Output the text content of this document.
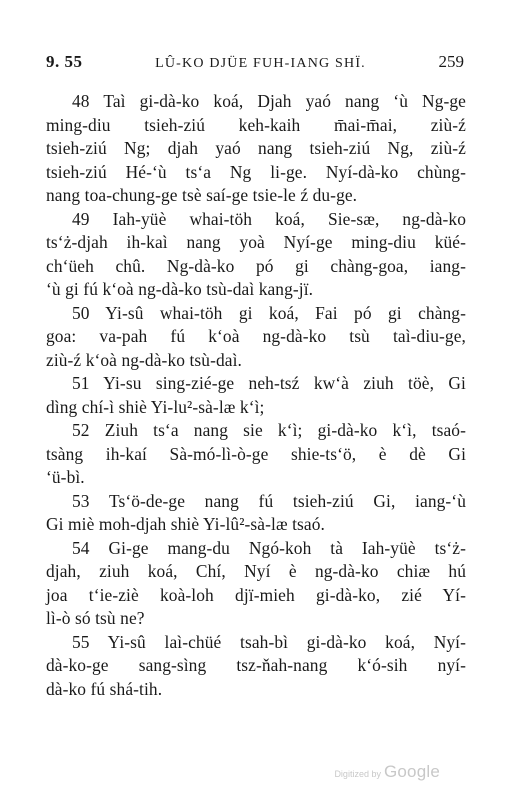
9. 55	LÛ-KO DJÜE FUH-IANG SHÏ.	259
48 Taì gi-dà-ko koá, Djah yaó nang ʻù Ng-ge
ming-diu tsieh-ziú keh-kaih m̄ai-m̄ai, ziù-ź
tsieh-ziú Ng; djah yaó nang tsieh-ziú Ng, ziù-ź
tsieh-ziú Hé-ʻù tsʻa Ng li-ge. Nyí-dà-ko chùng-
nang toa-chung-ge tsè saí-ge tsie-le ź du-ge.
49 Iah-yüè whai-töh koá, Sie-sæ, ng-dà-ko
tsʻż-djah ih-kaì nang yoà Nyí-ge ming-diu küé-
chʻüeh chû. Ng-dà-ko pó gi chàng-goa, iang-
ʻù gi fú kʻoà ng-dà-ko tsù-daì kang-jï.
50 Yi-sû whai-töh gi koá, Fai pó gi chàng-
goa: va-pah fú kʻoà ng-dà-ko tsù taì-diu-ge,
ziù-ź kʻoà ng-dà-ko tsù-daì.
51 Yi-su sing-zié-ge neh-tsź kwʻà ziuh töè, Gi
dìng chí-ì shiè Yi-lu²-sà-læ kʻì;
52 Ziuh tsʻa nang sie kʻì; gi-dà-ko kʻì, tsaó-
tsàng ih-kaí Sà-mó-lì-ò-ge shie-tsʻö, è dè Gi
ʻü-bì.
53 Tsʻö-de-ge nang fú tsieh-ziú Gi, iang-ʻù
Gi miè moh-djah shiè Yi-lû²-sà-læ tsaó.
54 Gi-ge mang-du Ngó-koh tà Iah-yüè tsʻż-
djah, ziuh koá, Chí, Nyí è ng-dà-ko chiæ hú
joa tʻie-ziè koà-loh djï-mieh gi-dà-ko, zié Yí-
lì-ò só tsù ne?
55 Yi-sû laì-chüé tsah-bì gi-dà-ko koá, Nyí-
dà-ko-ge sang-sìng tsz-ňah-nang kʻó-sih nyí-
dà-ko fú shá-tih.
Digitized by Google
